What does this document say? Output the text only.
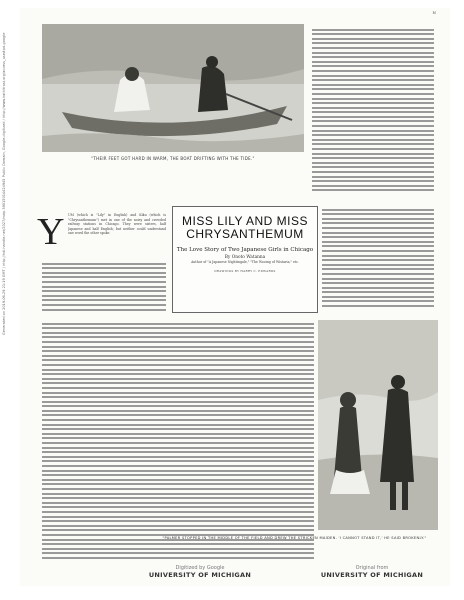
N
"THEIR FEET GOT HARD IN WARM, THE BOAT DRIFTING WITH THE TIDE."
Y UM (which is "Lily" in English) and Kiku (which is "Chrysanthemum") met in one of the noisy and crowded railway stations in Chicago. They were sisters, half Japanese and half English; but neither could understand one word the other spoke.
MISS LILY AND MISS CHRYSANTHEMUM
The Love Story of Two Japanese Girls in Chicago
By Onoto Watanna
Author of "A Japanese Nightingale," "The Wooing of Wistaria," etc.
DRAWINGS BY HARRY C. EDWARDS
"PALMER STOPPED IN THE MIDDLE OF THE FIELD AND DREW THE STRICKEN MAIDEN. 'I CANNOT STAND IT,' HE SAID BROKENLY."
Digitized by Google
UNIVERSITY OF MICHIGAN
Original from
UNIVERSITY OF MICHIGAN
Generated on 2019-06-29 21:19 GMT / http://hdl.handle.net/2027/mdp.39015014424945 Public Domain, Google-digitized / http://www.hathitrust.org/access_use#pd-google
